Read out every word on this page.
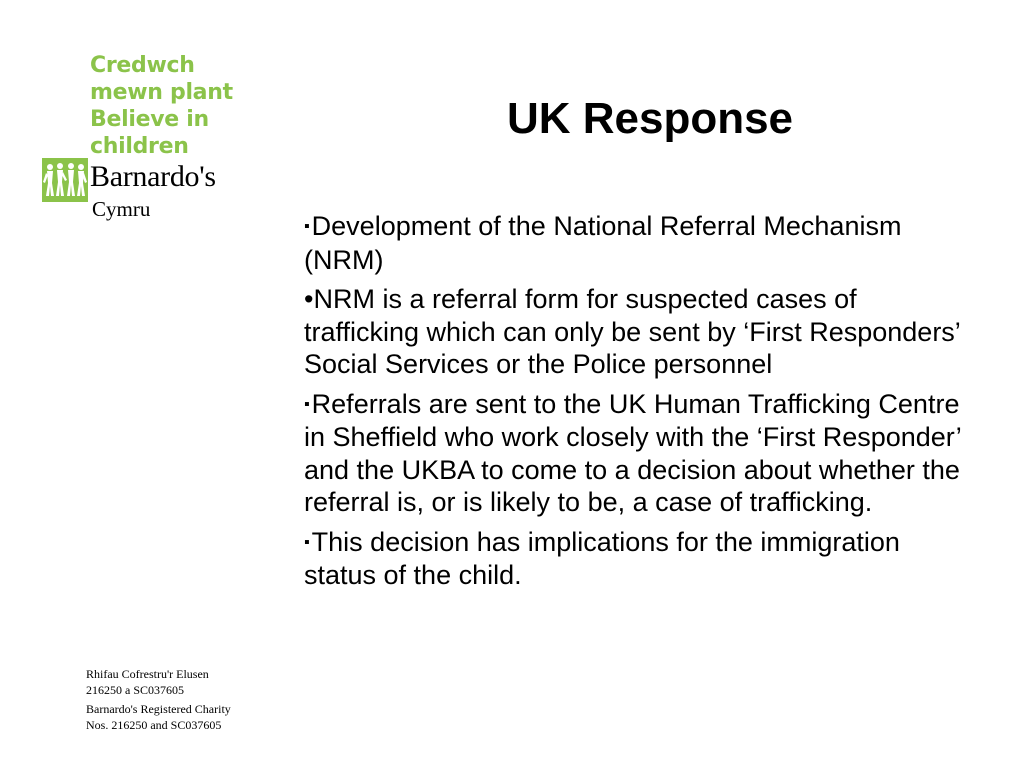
Credwch
mewn plant
Believe in
children
Barnardo's
Cymru
Rhifau Cofrestru'r Elusen
216250 a SC037605
Barnardo's Registered Charity
Nos. 216250 and SC037605
UK Response
▪Development of the National Referral Mechanism (NRM)
•NRM is a referral form for suspected cases of trafficking which can only be sent by ‘First Responders’ Social Services or the Police personnel
▪Referrals are sent to the UK Human Trafficking Centre in Sheffield who work closely with the ‘First Responder’ and the UKBA to come to a decision about whether the referral is, or is likely to be, a case of trafficking.
▪This decision has implications for the immigration status of the child.
